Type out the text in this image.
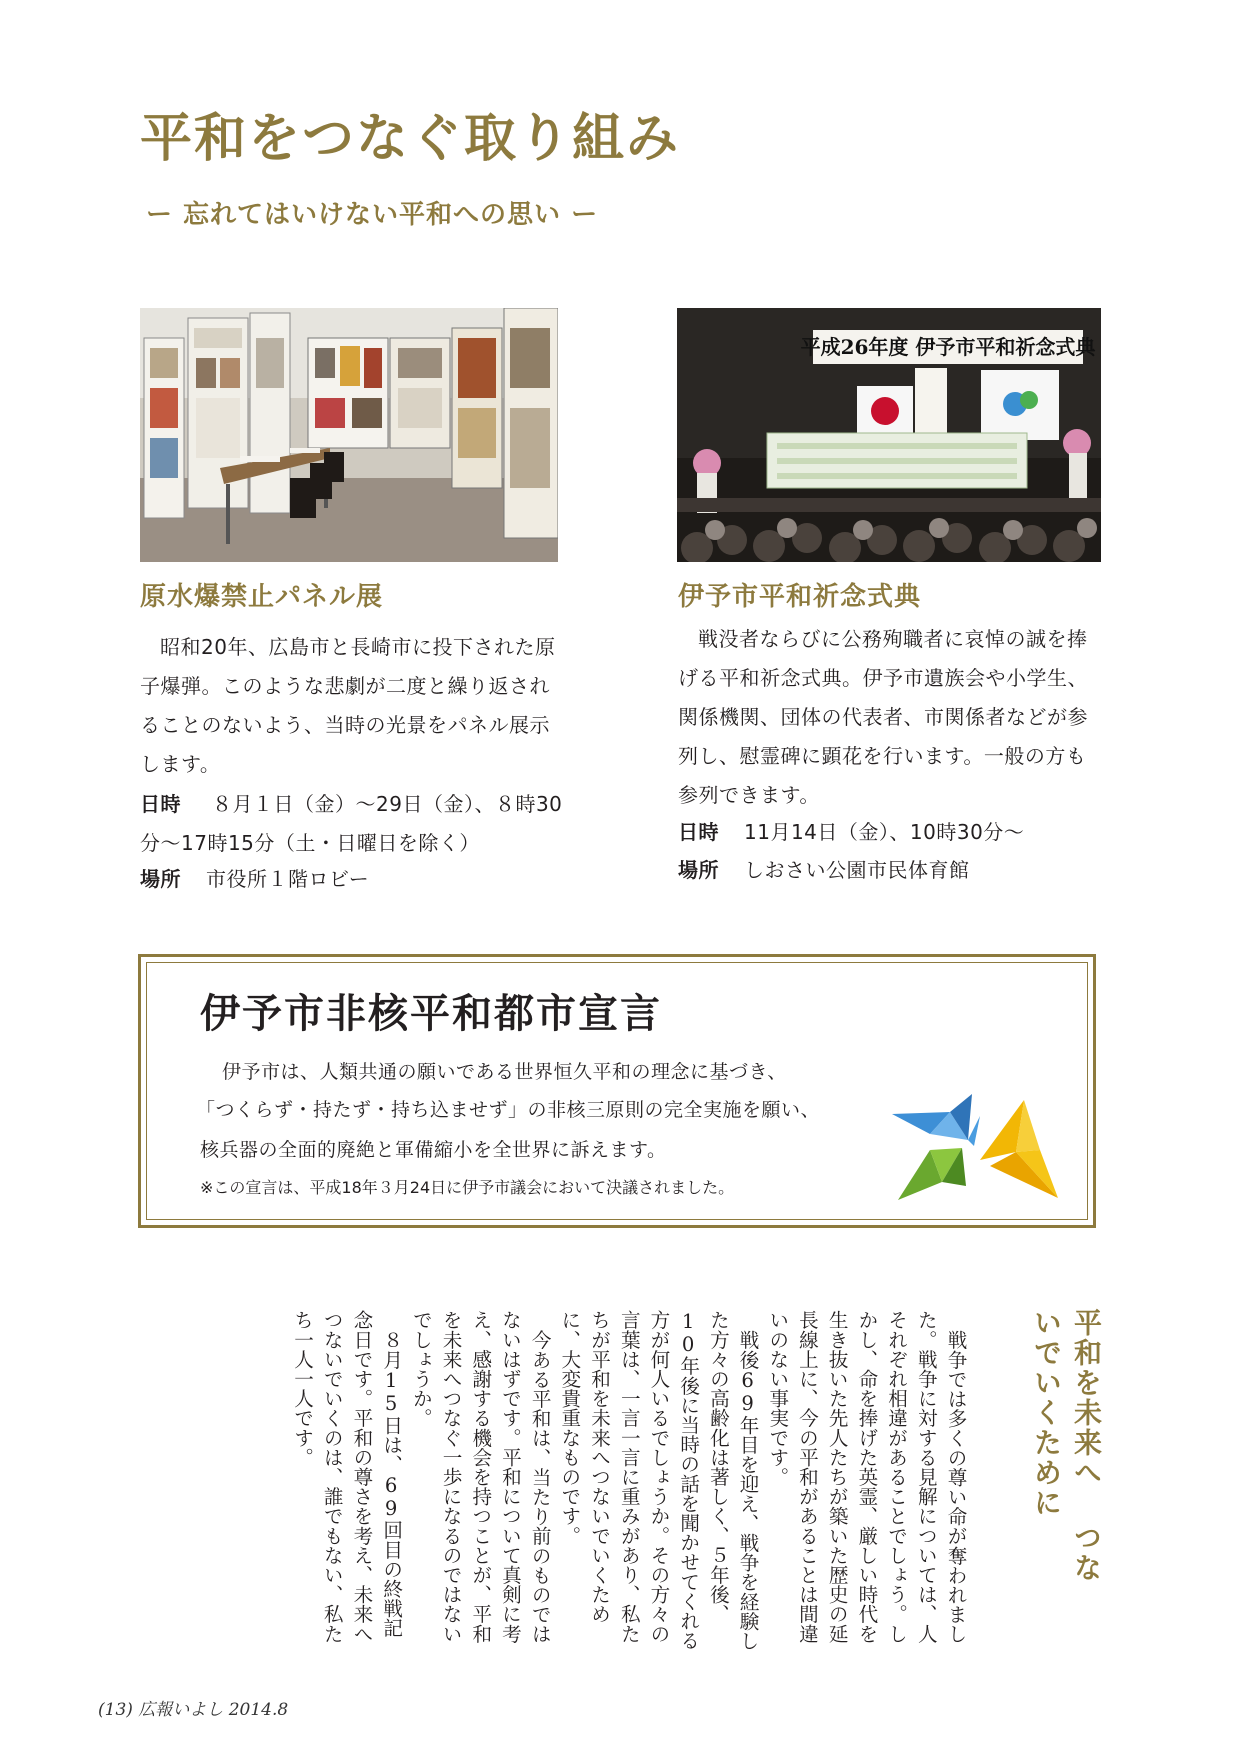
平和をつなぐ取り組み
ー 忘れてはいけない平和への思い ー
平成26年度 伊予市平和祈念式典
原水爆禁止パネル展
昭和20年、広島市と長崎市に投下された原子爆弾。このような悲劇が二度と繰り返されることのないよう、当時の光景をパネル展示します。
日時 ８月１日（金）～29日（金）、８時30分～17時15分（土・日曜日を除く）
場所 市役所１階ロビー
伊予市平和祈念式典
戦没者ならびに公務殉職者に哀悼の誠を捧げる平和祈念式典。伊予市遺族会や小学生、関係機関、団体の代表者、市関係者などが参列し、慰霊碑に顕花を行います。一般の方も参列できます。
日時 11月14日（金）、10時30分～
場所 しおさい公園市民体育館
伊予市非核平和都市宣言
伊予市は、人類共通の願いである世界恒久平和の理念に基づき、
「つくらず・持たず・持ち込ませず」の非核三原則の完全実施を願い、
核兵器の全面的廃絶と軍備縮小を全世界に訴えます。
※この宣言は、平成18年３月24日に伊予市議会において決議されました。
平和を未来へ つないでいくために

戦争では多くの尊い命が奪われました。戦争に対する見解については、人それぞれ相違があることでしょう。しかし、命を捧げた英霊、厳しい時代を生き抜いた先人たちが築いた歴史の延長線上に、今の平和があることは間違いのない事実です。

戦後69年目を迎え、戦争を経験した方々の高齢化は著しく、５年後、10年後に当時の話を聞かせてくれる方が何人いるでしょうか。その方々の言葉は、一言一言に重みがあり、私たちが平和を未来へつないでいくために、大変貴重なものです。

今ある平和は、当たり前のものではないはずです。平和について真剣に考え、感謝する機会を持つことが、平和を未来へつなぐ一歩になるのではないでしょうか。

８月15日は、69回目の終戦記念日です。平和の尊さを考え、未来へつないでいくのは、誰でもない、私たち一人一人です。

(13) 広報いよし 2014.8
